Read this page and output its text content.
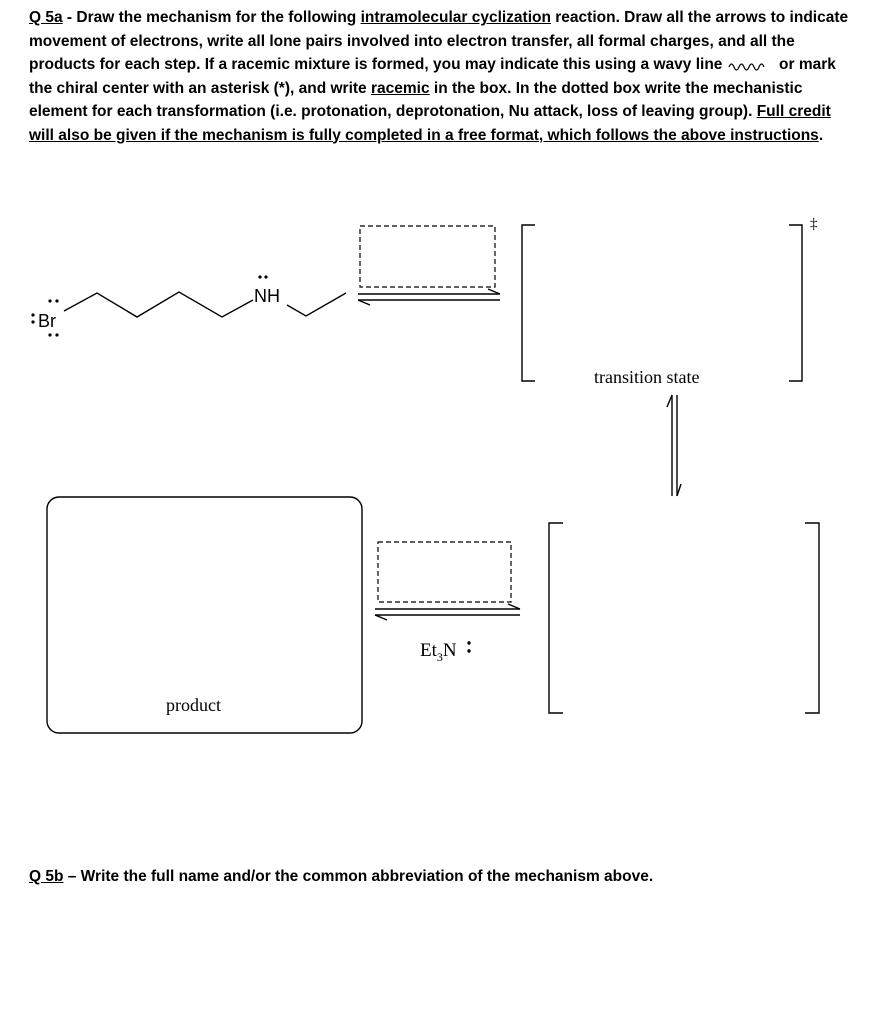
Q 5a - Draw the mechanism for the following intramolecular cyclization reaction. Draw all the arrows to indicate movement of electrons, write all lone pairs involved into electron transfer, all formal charges, and all the products for each step. If a racemic mixture is formed, you may indicate this using a wavy line	or mark the chiral center with an asterisk (*), and write racemic in the box. In the dotted box write the mechanistic element for each transformation (i.e. protonation, deprotonation, Nu attack, loss of leaving group). Full credit will also be given if the mechanism is fully completed in a free format, which follows the above instructions.
Br
NH
‡
transition state
product
$Et_3N$
Q 5b – Write the full name and/or the common abbreviation of the mechanism above.
